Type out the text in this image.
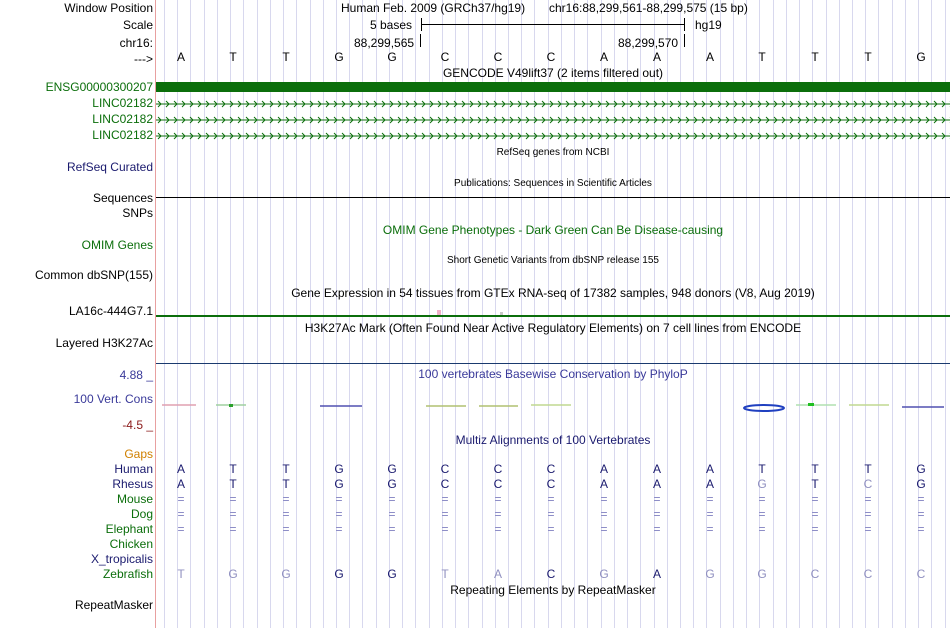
Window Position
Scale
chr16:
--->
Human Feb. 2009 (GRCh37/hg19) chr16:88,299,561-88,299,575 (15 bp)
5 bases	hg19
88,299,565	88,299,570
A	T	T	G	G	C	C	C	A	A	A	T	T	T	G
GENCODE V49lift37 (2 items filtered out)
ENSG00000300207
LINC02182
LINC02182
LINC02182
RefSeq genes from NCBI
RefSeq Curated
Publications: Sequences in Scientific Articles
Sequences
SNPs
OMIM Gene Phenotypes - Dark Green Can Be Disease-causing
OMIM Genes
Short Genetic Variants from dbSNP release 155
Common dbSNP(155)
Gene Expression in 54 tissues from GTEx RNA-seq of 17382 samples, 948 donors (V8, Aug 2019)
LA16c-444G7.1
H3K27Ac Mark (Often Found Near Active Regulatory Elements) on 7 cell lines from ENCODE
Layered H3K27Ac
100 vertebrates Basewise Conservation by PhyloP
4.88 _
100 Vert. Cons
-4.5 _
Multiz Alignments of 100 Vertebrates
Gaps
Human	A	T	T	G	G	C	C	C	A	A	A	T	T	T	G
Rhesus	A	T	T	G	G	C	C	C	A	A	A	G	T	C	G
Mouse	=	=	=	=	=	=	=	=	=	=	=	=	=	=	=
Dog	=	=	=	=	=	=	=	=	=	=	=	=	=	=	=
Elephant	=	=	=	=	=	=	=	=	=	=	=	=	=	=	=
Chicken
X_tropicalis
Zebrafish	T	G	G	G	G	T	A	C	G	A	G	G	C	C	C
Repeating Elements by RepeatMasker
RepeatMasker
